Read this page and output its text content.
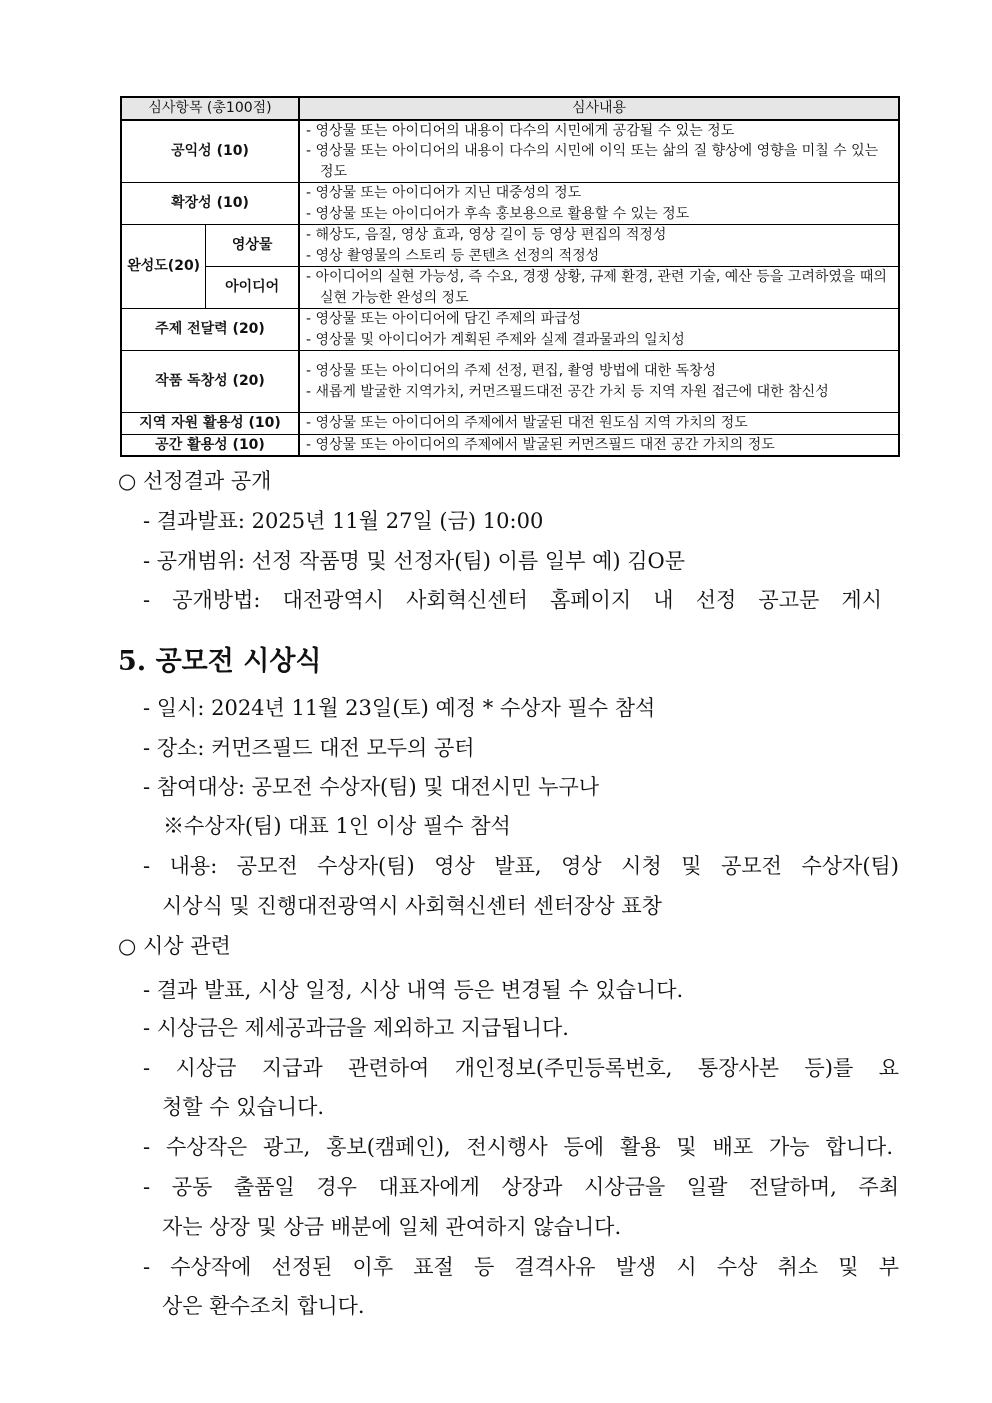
심사항목 (총100점)		심사내용
공익성 (10)		- 영상물 또는 아이디어의 내용이 다수의 시민에게 공감될 수 있는 정도
- 영상물 또는 아이디어의 내용이 다수의 시민에 이익 또는 삶의 질 향상에 영향을 미칠 수 있는 정도

확장성 (10)		- 영상물 또는 아이디어가 지닌 대중성의 정도
- 영상물 또는 아이디어가 후속 홍보용으로 활용할 수 있는 정도

완성도(20)	영상물	- 해상도, 음질, 영상 효과, 영상 길이 등 영상 편집의 적정성
- 영상 촬영물의 스토리 등 콘텐츠 선정의 적정성

	아이디어	- 아이디어의 실현 가능성, 즉 수요, 경쟁 상황, 규제 환경, 관련 기술, 예산 등을 고려하였을 때의 실현 가능한 완성의 정도

주제 전달력 (20)		- 영상물 또는 아이디어에 담긴 주제의 파급성
- 영상물 및 아이디어가 계획된 주제와 실제 결과물과의 일치성

작품 독창성 (20)		- 영상물 또는 아이디어의 주제 선정, 편집, 촬영 방법에 대한 독창성
- 새롭게 발굴한 지역가치, 커먼즈필드대전 공간 가치 등 지역 자원 접근에 대한 참신성

지역 자원 활용성 (10)		- 영상물 또는 아이디어의 주제에서 발굴된 대전 원도심 지역 가치의 정도

공간 활용성 (10)		- 영상물 또는 아이디어의 주제에서 발굴된 커먼즈필드 대전 공간 가치의 정도
○ 선정결과 공개
- 결과발표: 2025년 11월 27일 (금) 10:00
- 공개범위: 선정 작품명 및 선정자(팀) 이름 일부 예) 김O문
- 공개방법: 대전광역시 사회혁신센터 홈페이지 내 선정 공고문 게시
5. 공모전 시상식
- 일시: 2024년 11월 23일(토) 예정 * 수상자 필수 참석
- 장소: 커먼즈필드 대전 모두의 공터
- 참여대상: 공모전 수상자(팀) 및 대전시민 누구나
※수상자(팀) 대표 1인 이상 필수 참석
- 내용: 공모전 수상자(팀) 영상 발표, 영상 시청 및 공모전 수상자(팀)
시상식 및 진행대전광역시 사회혁신센터 센터장상 표창
○ 시상 관련
- 결과 발표, 시상 일정, 시상 내역 등은 변경될 수 있습니다.
- 시상금은 제세공과금을 제외하고 지급됩니다.
- 시상금 지급과 관련하여 개인정보(주민등록번호, 통장사본 등)를 요
청할 수 있습니다.
- 수상작은 광고, 홍보(캠페인), 전시행사 등에 활용 및 배포 가능 합니다.
- 공동 출품일 경우 대표자에게 상장과 시상금을 일괄 전달하며, 주최
자는 상장 및 상금 배분에 일체 관여하지 않습니다.
- 수상작에 선정된 이후 표절 등 결격사유 발생 시 수상 취소 및 부
상은 환수조치 합니다.
